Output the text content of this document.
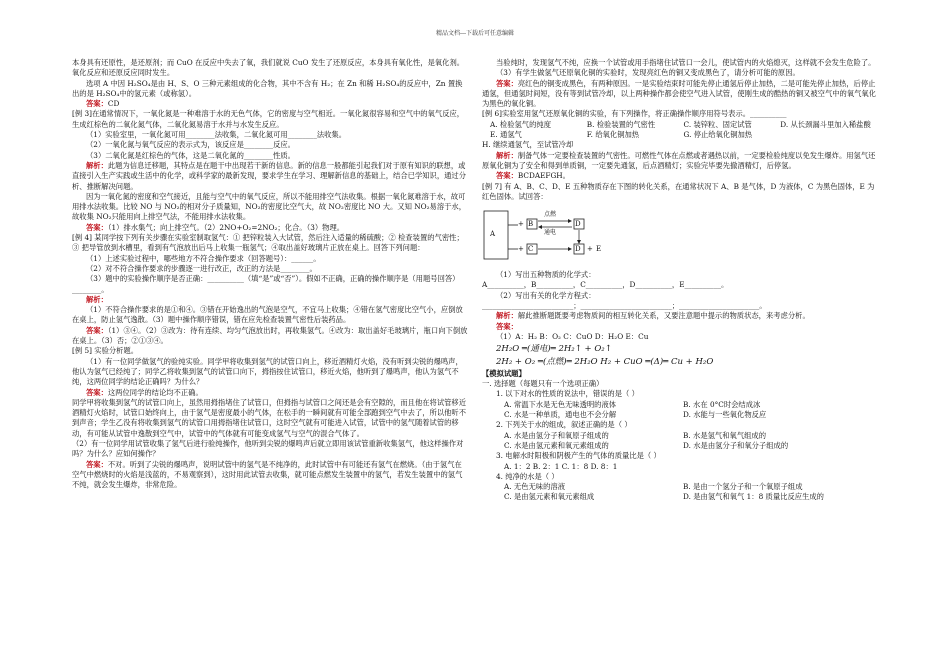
精品文档---下载后可任意编辑

本身具有还原性，是还原剂；而 CuO 在反应中失去了氧，我们就说 CuO 发生了还原反应，本身具有氧化性，是氧化剂。氧化反应和还原反应同时发生。

选项 A 中因 H₂SO₄是由 H、S、O 三种元素组成的化合物，其中不含有 H₂；在 Zn 和稀 H₂SO₄的反应中，Zn 置换出的是 H₂SO₄中的氢元素（或称氢）。

答案：CD

[例 3]在通常情况下，一氧化氮是一种难溶于水的无色气体，它的密度与空气相近。一氧化氮很容易和空气中的氧气反应，生成红棕色的二氧化氮气体，二氧化氮易溶于水并与水发生反应。

（1）实验室里，一氧化氮可用________法收集，二氧化氮可用________法收集。

（2）一氧化氮与氧气反应的表示式为，该反应是________反应。

（3）二氧化氮是红棕色的气体，这是二氧化氮的________性质。

解析：此题为信息迁移题，其特点是在题干中出现若干新的信息。新的信息一般都能引起我们对于原有知识的联想，或直接引入生产实践或生活中的化学，或科学家的最新发现，要求学生在学习、理解新信息的基础上，结合已学知识，通过分析、推断解决问题。

因为一氧化氮的密度和空气接近，且能与空气中的氧气反应，所以不能用排空气法收集。根据一氧化氮难溶于水，故可用排水法收集。比较 NO 与 NO₂的相对分子质量知，NO₂的密度比空气大，故 NO₂密度比 NO 大。又知 NO₂易溶于水，故收集 NO₂只能用向上排空气法，不能用排水法收集。

答案：（1）排水集气；向上排空气。（2）2NO+O₂=2NO₂；化合。（3）物理。

[例 4] 某同学按下列有关步骤在实验室制取氢气：① 把锌粒装入大试管，然后注入适量的稀硫酸；② 检查装置的气密性；③ 把导管放到水槽里，看到有气泡放出后马上收集一瓶氢气；④取出盖好玻璃片正放在桌上。回答下列问题：

（1）上述实验过程中，哪些地方不符合操作要求（回答题号）：______。

（2）对不符合操作要求的步骤逐一进行改正，改正的方法是________。

（3）题中的实验操作顺序是否正确：__________（填“是”或“否”）。假如不正确，正确的操作顺序是（用题号回答）________。

解析：

（1）不符合操作要求的是①和④。③错在开始逸出的气泡是空气，不宜马上收集；④错在氢气密度比空气小，应倒放在桌上，防止氢气逸散。（3）题中操作顺序错误，错在应先检查装置气密性后装药品。

答案：（1）③④。（2）③改为：待有连续、均匀气泡放出时，再收集氢气。④改为：取出盖好毛玻璃片，瓶口向下倒放在桌上。（3）否；②①③④。

[例 5] 实验分析题。

（1）有一位同学做氢气的验纯实验。同学甲将收集到氢气的试管口向上，移近酒精灯火焰，没有听到尖锐的爆鸣声，他认为氢气已经纯了；同学乙将收集到氢气的试管口向下，拇指按住试管口，移近火焰，他听到了爆鸣声，他认为氢气不纯，这两位同学的结论正确吗？为什么？

答案：这两位同学的结论均不正确。

同学甲将收集到氢气的试管口向上，虽然用拇指堵住了试管口，但拇指与试管口之间还是会有空隙的，而且他在将试管移近酒精灯火焰时，试管口始终向上，由于氢气是密度最小的气体，在松手的一瞬间就有可能全部跑到空气中去了，所以他听不到声音；学生乙没有将收集到氢气的试管口用拇指堵住试管口，这时空气就有可能进入试管，试管中的氢气随着试管的移动，有可能从试管中逸散到空气中，试管中的气体就有可能变成氢气与空气的混合气体了。

（2）有一位同学用试管收集了氢气后进行验纯操作，他听到尖锐的爆鸣声后就立即用该试管重新收集氢气，他这样操作对吗？为什么？应如何操作？

答案：不对。听到了尖锐的爆鸣声，说明试管中的氢气是不纯净的，此时试管中有可能还有氢气在燃烧。（由于氢气在空气中燃烧时的火焰是浅蓝的，不易观察到），这时用此试管去收集，就可能点燃发生装置中的氢气，若发生装置中的氢气不纯，就会发生爆炸，非常危险。

当验纯时，发现氢气不纯，应换一个试管或用手指堵住试管口一会儿，使试管内的火焰熄灭，这样就不会发生危险了。

（3）有学生做氢气还原氧化铜的实验时，发现亮红色的铜又变成黑色了，请分析可能的原因。

答案：亮红色的铜变成黑色，有两种原因。一是实验结束时可能先停止通氢后停止加热，二是可能先停止加热，后停止通氢，但通氢时间短，没有等到试管冷却，以上两种操作都会使空气进入试管，使刚生成的酷热的铜又被空气中的氧气氧化为黑色的氧化铜。

[例 6]实验室用氢气还原氧化铜的实验，有下列操作，将正确操作顺序用符号表示。__________

A. 检验氢气的纯度	B. 检验装置的气密性	C. 装锌粒、固定试管	D. 从长颈漏斗里加入稀盐酸
E. 通氢气	F. 给氧化铜加热	G. 停止给氧化铜加热

H. 继续通氢气，至试管冷却

解析：制备气体一定要检查装置的气密性。可燃性气体在点燃或者遇热以前，一定要检验纯度以免发生爆炸。用氢气还原氧化铜为了安全和得到单质铜，一定要先通氢，后点酒精灯；实验完毕要先撤酒精灯，后停氢。

答案：BCDAEFGH。

[例 7] 有 A、B、C、D、E 五种物质存在下图的转化关系，在通常状况下 A、B 是气体，D 为液体，C 为黑色固体，E 为红色固体。试回答：

A
+ B
点燃
通电
D
+ C	+
D E

（1）写出五种物质的化学式：

A__________，B__________，C__________，D__________，E__________。

（2）写出有关的化学方程式：

_________________________；_________________________；______________________。

解析：解此推断题既要考虑物质间的相互转化关系，又要注意题中提示的物质状态，来考虑分析。

答案：

（1）A：H₂ B：O₂ C：CuO D：H₂O E：Cu

2H₂O ═(通电)═ 2H₂↑ + O₂↑
2H₂ + O₂ ═(点燃)═ 2H₂O H₂ + CuO ═(Δ)═ Cu + H₂O

【模拟试题】

一. 选择题（每题只有一个选项正确）

1. 以下对水的性质的说法中，错误的是（ ）

A. 常温下水是无色无味透明的液体	B. 水在 0°C时会结成冰
C. 水是一种单质，通电也不会分解	D. 水能与一些氧化物反应

2. 下列关于水的组成，叙述正确的是（ ）

A. 水是由氢分子和氧原子组成的	B. 水是氢气和氧气组成的
C. 水是由氢元素和氧元素组成的	D. 水是由氢分子和氧分子组成的

3. 电解水时阳极和阴极产生的气体的质量比是（ ）

A. 1：2 B. 2：1 C. 1：8 D. 8：1

4. 纯净的水是（ ）

A. 无色无味的溶液	B. 是由一个氢分子和一个氧原子组成
C. 是由氢元素和氧元素组成	D. 是由氢气和氧气 1：8 质量比反应生成的
